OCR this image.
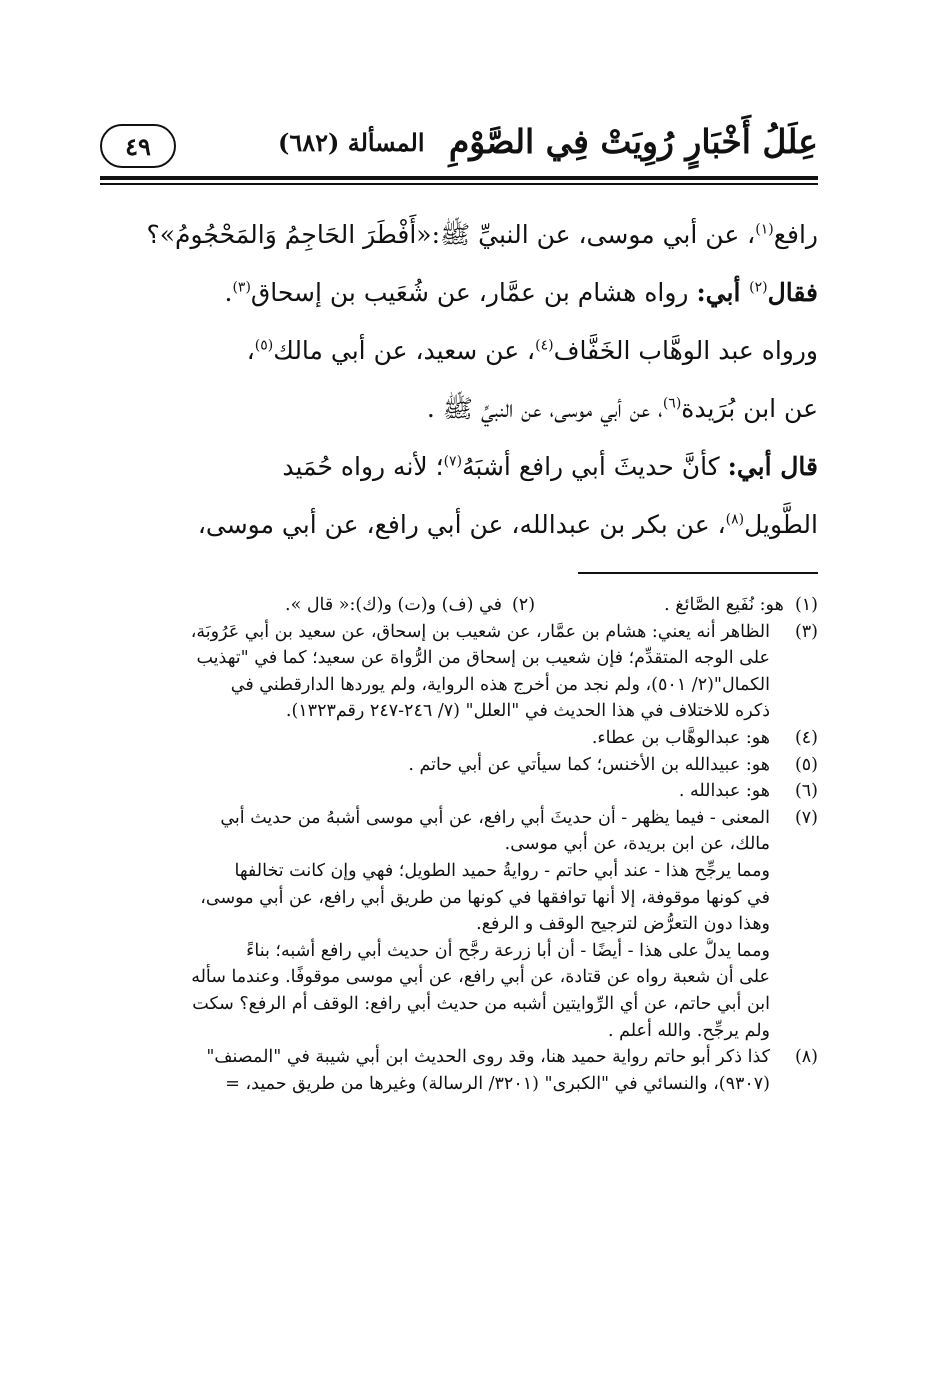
عِلَلُ أَخْبَارٍ رُوِيَتْ فِي الصَّوْمِ
المسألة (٦٨٢)
٤٩

رافع$^{(١)}$، عن أبي موسى، عن النبيِّ ﷺ:«أَفْطَرَ الحَاجِمُ وَالمَحْجُومُ»؟

فقال$^{(٢)}$ أبي: رواه هشام بن عمَّار، عن شُعَيب بن إسحاق$^{(٣)}$.

ورواه عبد الوهَّاب الخَفَّاف$^{(٤)}$، عن سعيد، عن أبي مالك$^{(٥)}$،

عن ابن بُرَيدة$^{(٦)}$، عن أبي موسى، عن النبيِّ ﷺ .

قال أبي: كأنَّ حديثَ أبي رافع أشبَهُ$^{(٧)}$؛ لأنه رواه حُمَيد

الطَّويل$^{(٨)}$، عن بكر بن عبدالله، عن أبي رافع، عن أبي موسى،

(١)  هو: نُفَيع الصَّائغ .
(٢)في (ف) و(ت) و(ك):« قال ».
(٣)
الظاهر أنه يعني: هشام بن عمَّار، عن شعيب بن إسحاق، عن سعيد بن أبي عَرُوبَة،
على الوجه المتقدِّم؛ فإن شعيب بن إسحاق من الرُّواة عن سعيد؛ كما في "تهذيب
الكمال"(٢/ ٥٠١)، ولم نجد من أخرج هذه الرواية، ولم يوردها الدارقطني في
ذكره للاختلاف في هذا الحديث في "العلل" (٧/ ٢٤٦-٢٤٧ رقم١٣٢٣).
(٤)
هو: عبدالوهَّاب بن عطاء.
(٥)
هو: عبيدالله بن الأخنس؛ كما سيأتي عن أبي حاتم .
(٦)
هو: عبدالله .
(٧)
المعنى - فيما يظهر - أن حديثَ أبي رافع، عن أبي موسى أشبهُ من حديث أبي
مالك، عن ابن بريدة، عن أبي موسى.
ومما يرجِّح هذا - عند أبي حاتم - روايةُ حميد الطويل؛ فهي وإن كانت تخالفها
في كونها موقوفة، إلا أنها توافقها في كونها من طريق أبي رافع، عن أبي موسى،
وهذا دون التعرُّض لترجيح الوقف و الرفع.
ومما يدلُّ على هذا - أيضًا - أن أبا زرعة رجَّح أن حديث أبي رافع أشبه؛ بناءً
على أن شعبة رواه عن قتادة، عن أبي رافع، عن أبي موسى موقوفًا. وعندما سأله
ابن أبي حاتم، عن أي الرِّوايتين أشبه من حديث أبي رافع: الوقف أم الرفع؟ سكت
ولم يرجِّح. والله أعلم .
(٨)
كذا ذكر أبو حاتم رواية حميد هنا، وقد روى الحديث ابن أبي شيبة في "المصنف"
(٩٣٠٧)، والنسائي في "الكبرى" (٣٢٠١/ الرسالة) وغيرها من طريق حميد، =
